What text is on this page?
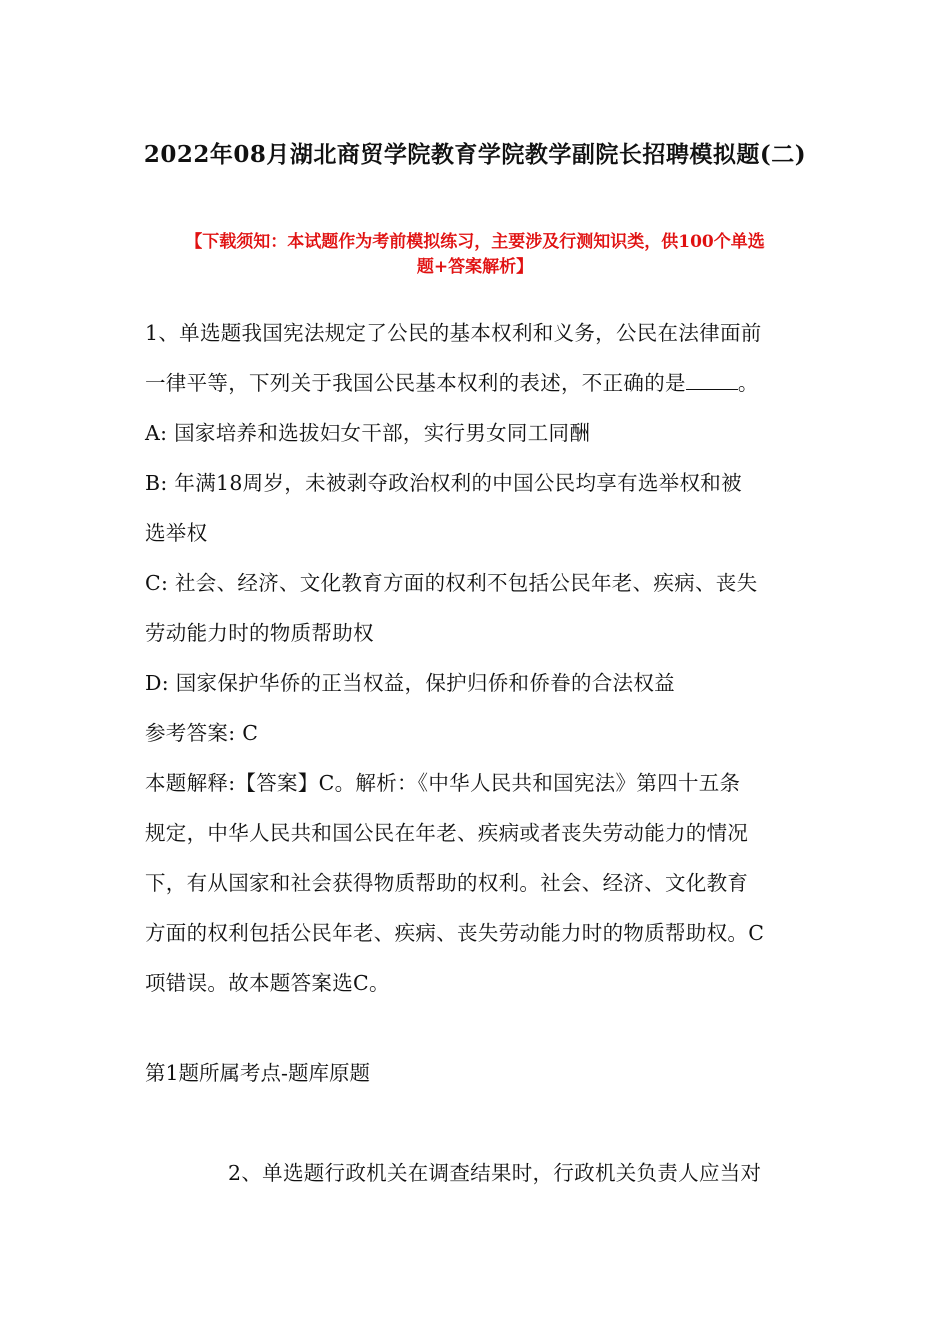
2022年08月湖北商贸学院教育学院教学副院长招聘模拟题(二)
【下载须知：本试题作为考前模拟练习，主要涉及行测知识类，供100个单选
题+答案解析】
1、单选题我国宪法规定了公民的基本权利和义务，公民在法律面前
一律平等，下列关于我国公民基本权利的表述，不正确的是	。
A: 国家培养和选拔妇女干部，实行男女同工同酬
B: 年满18周岁，未被剥夺政治权利的中国公民均享有选举权和被
选举权
C: 社会、经济、文化教育方面的权利不包括公民年老、疾病、丧失
劳动能力时的物质帮助权
D: 国家保护华侨的正当权益，保护归侨和侨眷的合法权益
参考答案: C
本题解释:【答案】C。解析：《中华人民共和国宪法》第四十五条
规定，中华人民共和国公民在年老、疾病或者丧失劳动能力的情况
下，有从国家和社会获得物质帮助的权利。社会、经济、文化教育
方面的权利包括公民年老、疾病、丧失劳动能力时的物质帮助权。C
项错误。故本题答案选C。
第1题所属考点-题库原题
2、单选题行政机关在调查结果时，行政机关负责人应当对
